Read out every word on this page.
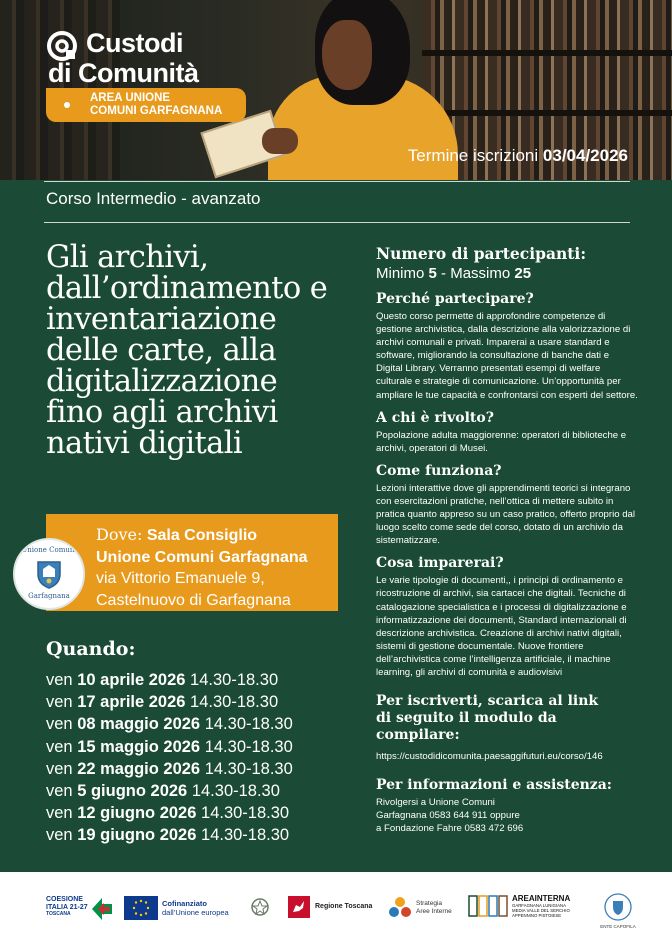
Custodi
di Comunità
AREA UNIONE
COMUNI GARFAGNANA
Termine iscrizioni 03/04/2026
Corso Intermedio - avanzato
Gli archivi, dall’ordinamento e inventariazione delle carte, alla digitalizzazione fino agli archivi nativi digitali
Dove: Sala Consiglio
Unione Comuni Garfagnana
via Vittorio Emanuele 9,
Castelnuovo di Garfagnana
Unione Comuni
Garfagnana
Quando:
ven 10 aprile 2026 14.30-18.30
ven 17 aprile 2026 14.30-18.30
ven 08 maggio 2026 14.30-18.30
ven 15 maggio 2026 14.30-18.30
ven 22 maggio 2026 14.30-18.30
ven 5 giugno 2026 14.30-18.30
ven 12 giugno 2026 14.30-18.30
ven 19 giugno 2026 14.30-18.30
Numero di partecipanti:
Minimo 5 - Massimo 25
Perché partecipare?
Questo corso permette di approfondire competenze di gestione archivistica, dalla descrizione alla valorizzazione di archivi comunali e privati. Imparerai a usare standard e software, migliorando la consultazione di banche dati e Digital Library. Verranno presentati esempi di welfare culturale e strategie di comunicazione. Un’opportunità per ampliare le tue capacità e confrontarsi con esperti del settore.
A chi è rivolto?
Popolazione adulta maggiorenne: operatori di biblioteche e archivi, operatori di Musei.
Come funziona?
Lezioni interattive dove gli apprendimenti teorici si integrano con esercitazioni pratiche, nell’ottica di mettere subito in pratica quanto appreso su un caso pratico, offerto proprio dal luogo scelto come sede del corso, dotato di un archivio da sistematizzare.
Cosa imparerai?
Le varie tipologie di documenti,, i principi di ordinamento e ricostruzione di archivi, sia cartacei che digitali. Tecniche di catalogazione specialistica e i processi di digitalizzazione e informatizzazione dei documenti, Standard internazionali di descrizione archivistica. Creazione di archivi nativi digitali, sistemi di gestione documentale. Nuove frontiere dell’archivistica come l’intelligenza artificiale, il machine learning, gli archivi di comunità e audiovisivi
Per iscriverti, scarica al link
di seguito il modulo da compilare:
https://custodidicomunita.paesaggifuturi.eu/corso/146
Per informazioni e assistenza:
Rivolgersi a Unione Comuni
Garfagnana 0583 644 911 oppure
a Fondazione Fahre 0583 472 696
COESIONE
ITALIA 21-27
TOSCANA
Cofinanziato
dall’Unione europea
Regione Toscana	Strategia
Aree Interne
AREAINTERNA
GARFAGNANA LUNIGIANA
MEDIA VALLE DEL SERCHIO
APPENNINO PISTOIESE
ENTE CAPOFILA
